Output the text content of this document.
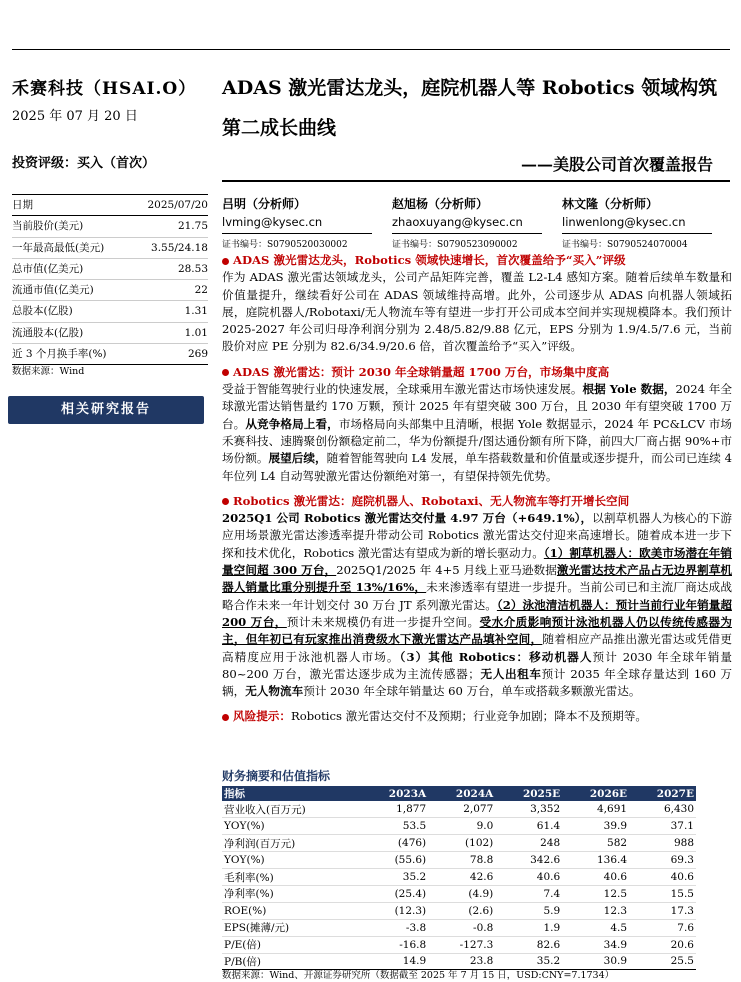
禾赛科技（HSAI.O）
2025 年 07 月 20 日
投资评级：买入（首次）
ADAS 激光雷达龙头，庭院机器人等 Robotics 领域构筑第二成长曲线
——美股公司首次覆盖报告
日期	2025/07/20
当前股价(美元)	21.75
一年最高最低(美元)	3.55/24.18
总市值(亿美元)	28.53
流通市值(亿美元)	22
总股本(亿股)	1.31
流通股本(亿股)	1.01
近 3 个月换手率(%)	269
数据来源：Wind
相关研究报告
吕明（分析师）
lvming@kysec.cn
证书编号：S0790520030002
赵旭杨（分析师）
zhaoxuyang@kysec.cn
证书编号：S0790523090002
林文隆（分析师）
linwenlong@kysec.cn
证书编号：S0790524070004
ADAS 激光雷达龙头，Robotics 领域快速增长，首次覆盖给予“买入”评级
作为 ADAS 激光雷达领域龙头，公司产品矩阵完善，覆盖 L2-L4 感知方案。随着后续单车数量和价值量提升，继续看好公司在 ADAS 领域维持高增。此外，公司逐步从 ADAS 向机器人领域拓展，庭院机器人/Robotaxi/无人物流车等有望进一步打开公司成本空间并实现规模降本。我们预计 2025-2027 年公司归母净利润分别为 2.48/5.82/9.88 亿元，EPS 分别为 1.9/4.5/7.6 元，当前股价对应 PE 分别为 82.6/34.9/20.6 倍，首次覆盖给予“买入”评级。
ADAS 激光雷达：预计 2030 年全球销量超 1700 万台，市场集中度高
受益于智能驾驶行业的快速发展，全球乘用车激光雷达市场快速发展。根据 Yole 数据，2024 年全球激光雷达销售量约 170 万颗，预计 2025 年有望突破 300 万台，且 2030 年有望突破 1700 万台。从竞争格局上看，市场格局向头部集中且清晰，根据 Yole 数据显示，2024 年 PC&LCV 市场禾赛科技、速腾聚创份额稳定前二，华为份额提升/图达通份额有所下降，前四大厂商占据 90%+市场份额。展望后续，随着智能驾驶向 L4 发展，单车搭载数量和价值量或逐步提升，而公司已连续 4 年位列 L4 自动驾驶激光雷达份额绝对第一，有望保持领先优势。
Robotics 激光雷达：庭院机器人、Robotaxi、无人物流车等打开增长空间
2025Q1 公司 Robotics 激光雷达交付量 4.97 万台（+649.1%），以割草机器人为核心的下游应用场景激光雷达渗透率提升带动公司 Robotics 激光雷达交付迎来高速增长。随着成本进一步下探和技术优化，Robotics 激光雷达有望成为新的增长驱动力。（1）割草机器人：欧美市场潜在年销量空间超 300 万台，2025Q1/2025 年 4+5 月线上亚马逊数据激光雷达技术产品占无边界割草机器人销量比重分别提升至 13%/16%，未来渗透率有望进一步提升。当前公司已和主流厂商达成战略合作未来一年计划交付 30 万台 JT 系列激光雷达。（2）泳池清洁机器人：预计当前行业年销量超 200 万台，预计未来规模仍有进一步提升空间。受水介质影响预计泳池机器人仍以传统传感器为主，但年初已有玩家推出消费级水下激光雷达产品填补空间，随着相应产品推出激光雷达或凭借更高精度应用于泳池机器人市场。（3）其他 Robotics：移动机器人预计 2030 年全球年销量 80~200 万台，激光雷达逐步成为主流传感器；无人出租车预计 2035 年全球存量达到 160 万辆，无人物流车预计 2030 年全球年销量达 60 万台，单车或搭载多颗激光雷达。
风险提示：Robotics 激光雷达交付不及预期；行业竞争加剧；降本不及预期等。
财务摘要和估值指标
指标	2023A	2024A	2025E	2026E	2027E
营业收入(百万元)	1,877	2,077	3,352	4,691	6,430
YOY(%)	53.5	9.0	61.4	39.9	37.1
净利润(百万元)	(476)	(102)	248	582	988
YOY(%)	(55.6)	78.8	342.6	136.4	69.3
毛利率(%)	35.2	42.6	40.6	40.6	40.6
净利率(%)	(25.4)	(4.9)	7.4	12.5	15.5
ROE(%)	(12.3)	(2.6)	5.9	12.3	17.3
EPS(摊薄/元)	-3.8	-0.8	1.9	4.5	7.6
P/E(倍)	-16.8	-127.3	82.6	34.9	20.6
P/B(倍)	14.9	23.8	35.2	30.9	25.5
数据来源：Wind、开源证券研究所（数据截至 2025 年 7 月 15 日，USD:CNY=7.1734）
